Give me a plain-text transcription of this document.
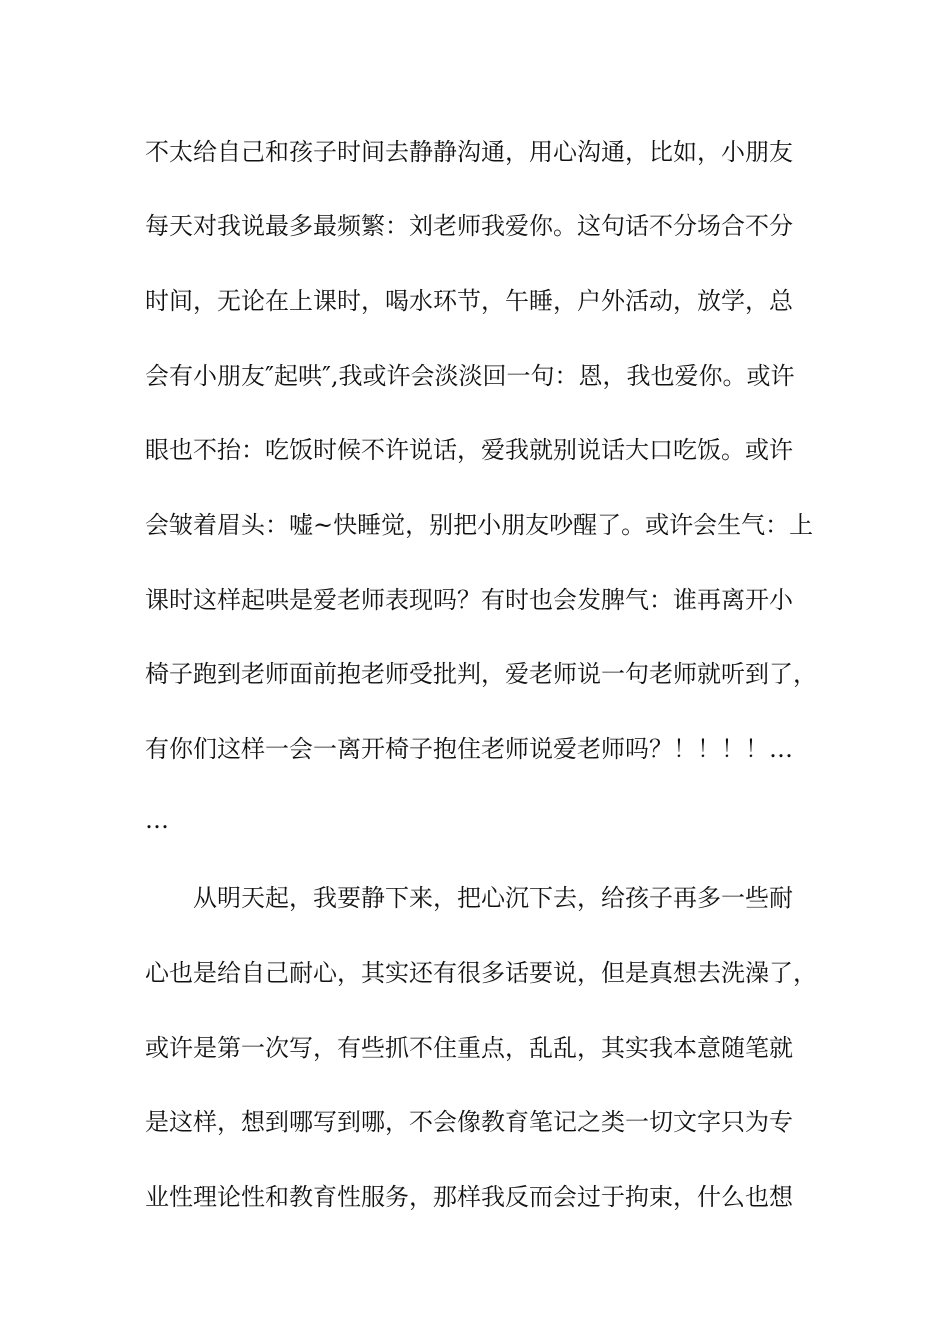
不太给自己和孩子时间去静静沟通，用心沟通，比如，小朋友
每天对我说最多最频繁：刘老师我爱你。这句话不分场合不分
时间，无论在上课时，喝水环节，午睡，户外活动，放学，总
会有小朋友″起哄″,我或许会淡淡回一句：恩，我也爱你。或许
眼也不抬：吃饭时候不许说话，爱我就别说话大口吃饭。或许
会皱着眉头：嘘~快睡觉，别把小朋友吵醒了。或许会生气：上
课时这样起哄是爱老师表现吗？有时也会发脾气：谁再离开小
椅子跑到老师面前抱老师受批判，爱老师说一句老师就听到了，
有你们这样一会一离开椅子抱住老师说爱老师吗？！！！！…
…
从明天起，我要静下来，把心沉下去，给孩子再多一些耐
心也是给自己耐心，其实还有很多话要说，但是真想去洗澡了，
或许是第一次写，有些抓不住重点，乱乱，其实我本意随笔就
是这样，想到哪写到哪，不会像教育笔记之类一切文字只为专
业性理论性和教育性服务，那样我反而会过于拘束，什么也想
